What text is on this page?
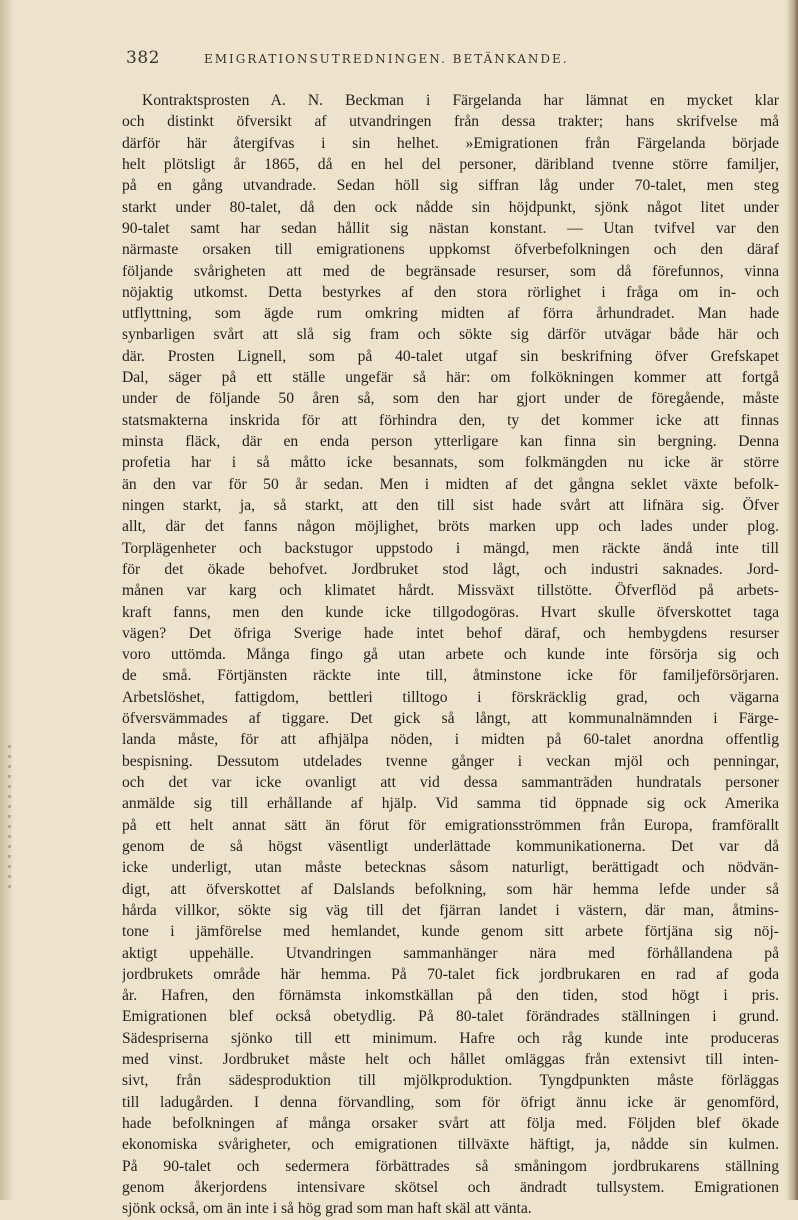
382	EMIGRATIONSUTREDNINGEN. BETÄNKANDE.
Kontraktsprosten A. N. Beckman i Färgelanda har lämnat en mycket klar
och distinkt öfversikt af utvandringen från dessa trakter; hans skrifvelse må
därför här återgifvas i sin helhet. »Emigrationen från Färgelanda började
helt plötsligt år 1865, då en hel del personer, däribland tvenne större familjer,
på en gång utvandrade. Sedan höll sig siffran låg under 70-talet, men steg
starkt under 80-talet, då den ock nådde sin höjdpunkt, sjönk något litet under
90-talet samt har sedan hållit sig nästan konstant. — Utan tvifvel var den
närmaste orsaken till emigrationens uppkomst öfverbefolkningen och den däraf
följande svårigheten att med de begränsade resurser, som då förefunnos, vinna
nöjaktig utkomst. Detta bestyrkes af den stora rörlighet i fråga om in- och
utflyttning, som ägde rum omkring midten af förra århundradet. Man hade
synbarligen svårt att slå sig fram och sökte sig därför utvägar både här och
där. Prosten Lignell, som på 40-talet utgaf sin beskrifning öfver Grefskapet
Dal, säger på ett ställe ungefär så här: om folkökningen kommer att fortgå
under de följande 50 åren så, som den har gjort under de föregående, måste
statsmakterna inskrida för att förhindra den, ty det kommer icke att finnas
minsta fläck, där en enda person ytterligare kan finna sin bergning. Denna
profetia har i så måtto icke besannats, som folkmängden nu icke är större
än den var för 50 år sedan. Men i midten af det gångna seklet växte befolk-
ningen starkt, ja, så starkt, att den till sist hade svårt att lifnära sig. Öfver
allt, där det fanns någon möjlighet, bröts marken upp och lades under plog.
Torplägenheter och backstugor uppstodo i mängd, men räckte ändå inte till
för det ökade behofvet. Jordbruket stod lågt, och industri saknades. Jord-
månen var karg och klimatet hårdt. Missväxt tillstötte. Öfverflöd på arbets-
kraft fanns, men den kunde icke tillgodogöras. Hvart skulle öfverskottet taga
vägen? Det öfriga Sverige hade intet behof däraf, och hembygdens resurser
voro uttömda. Många fingo gå utan arbete och kunde inte försörja sig och
de små. Förtjänsten räckte inte till, åtminstone icke för familjeförsörjaren.
Arbetslöshet, fattigdom, bettleri tilltogo i förskräcklig grad, och vägarna
öfversvämmades af tiggare. Det gick så långt, att kommunalnämnden i Färge-
landa måste, för att afhjälpa nöden, i midten på 60-talet anordna offentlig
bespisning. Dessutom utdelades tvenne gånger i veckan mjöl och penningar,
och det var icke ovanligt att vid dessa sammanträden hundratals personer
anmälde sig till erhållande af hjälp. Vid samma tid öppnade sig ock Amerika
på ett helt annat sätt än förut för emigrationsströmmen från Europa, framförallt
genom de så högst väsentligt underlättade kommunikationerna. Det var då
icke underligt, utan måste betecknas såsom naturligt, berättigadt och nödvän-
digt, att öfverskottet af Dalslands befolkning, som här hemma lefde under så
hårda villkor, sökte sig väg till det fjärran landet i västern, där man, åtmins-
tone i jämförelse med hemlandet, kunde genom sitt arbete förtjäna sig nöj-
aktigt uppehälle. Utvandringen sammanhänger nära med förhållandena på
jordbrukets område här hemma. På 70-talet fick jordbrukaren en rad af goda
år. Hafren, den förnämsta inkomstkällan på den tiden, stod högt i pris.
Emigrationen blef också obetydlig. På 80-talet förändrades ställningen i grund.
Sädespriserna sjönko till ett minimum. Hafre och råg kunde inte produceras
med vinst. Jordbruket måste helt och hållet omläggas från extensivt till inten-
sivt, från sädesproduktion till mjölkproduktion. Tyngdpunkten måste förläggas
till ladugården. I denna förvandling, som för öfrigt ännu icke är genomförd,
hade befolkningen af många orsaker svårt att följa med. Följden blef ökade
ekonomiska svårigheter, och emigrationen tillväxte häftigt, ja, nådde sin kulmen.
På 90-talet och sedermera förbättrades så småningom jordbrukarens ställning
genom åkerjordens intensivare skötsel och ändradt tullsystem. Emigrationen
sjönk också, om än inte i så hög grad som man haft skäl att vänta.
